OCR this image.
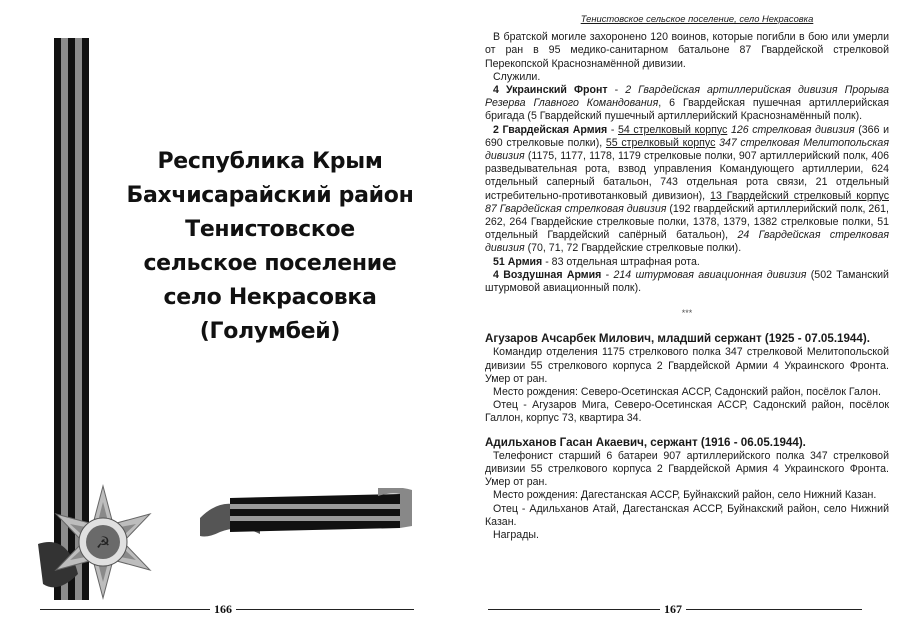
Республика Крым
Бахчисарайский район
Тенистовское
сельское поселение
село Некрасовка
(Голумбей)
☭
166
Тенистовское сельское поселение, село Некрасовка

В братской могиле захоронено 120 воинов, которые погибли в бою или умерли от ран в 95 медико-санитарном батальоне 87 Гвардейской стрелковой Перекопской Краснознамённой дивизии.

Служили.

4 Украинский Фронт - 2 Гвардейская артиллерийская дивизия Прорыва Резерва Главного Командования, 6 Гвардейская пушечная артиллерийская бригада (5 Гвардейский пушечный артиллерийский Краснознамённый полк).

2 Гвардейская Армия - 54 стрелковый корпус 126 стрелковая дивизия (366 и 690 стрелковые полки), 55 стрелковый корпус 347 стрелковая Мелитопольская дивизия (1175, 1177, 1178, 1179 стрелковые полки, 907 артиллерийский полк, 406 разведывательная рота, взвод управления Командующего артиллерии, 624 отдельный саперный батальон, 743 отдельная рота связи, 21 отдельный истребительно-противотанковый дивизион), 13 Гвардейский стрелковый корпус 87 Гвардейская стрелковая дивизия (192 гвардейский артиллерийский полк, 261, 262, 264 Гвардейские стрелковые полки, 1378, 1379, 1382 стрелковые полки, 51 отдельный Гвардейский сапёрный батальон), 24 Гвардейская стрелковая дивизия (70, 71, 72 Гвардейские стрелковые полки).

51 Армия - 83 отдельная штрафная рота.

4 Воздушная Армия - 214 штурмовая авиационная дивизия (502 Таманский штурмовой авиационный полк).

***

Агузаров Ачсарбек Милович, младший сержант (1925 - 07.05.1944).

Командир отделения 1175 стрелкового полка 347 стрелковой Мелитопольской дивизии 55 стрелкового корпуса 2 Гвардейской Армии 4 Украинского Фронта. Умер от ран.

Место рождения: Северо-Осетинская АССР, Садонский район, посёлок Галон.

Отец - Агузаров Мига, Северо-Осетинская АССР, Садонский район, посёлок Галлон, корпус 73, квартира 34.

Адильханов Гасан Акаевич, сержант (1916 - 06.05.1944).

Телефонист старший 6 батареи 907 артиллерийского полка 347 стрелковой дивизии 55 стрелкового корпуса 2 Гвардейской Армия 4 Украинского Фронта. Умер от ран.

Место рождения: Дагестанская АССР, Буйнакский район, село Нижний Казан.

Отец - Адильханов Атай, Дагестанская АССР, Буйнакский район, село Нижний Казан.

Награды.

167
